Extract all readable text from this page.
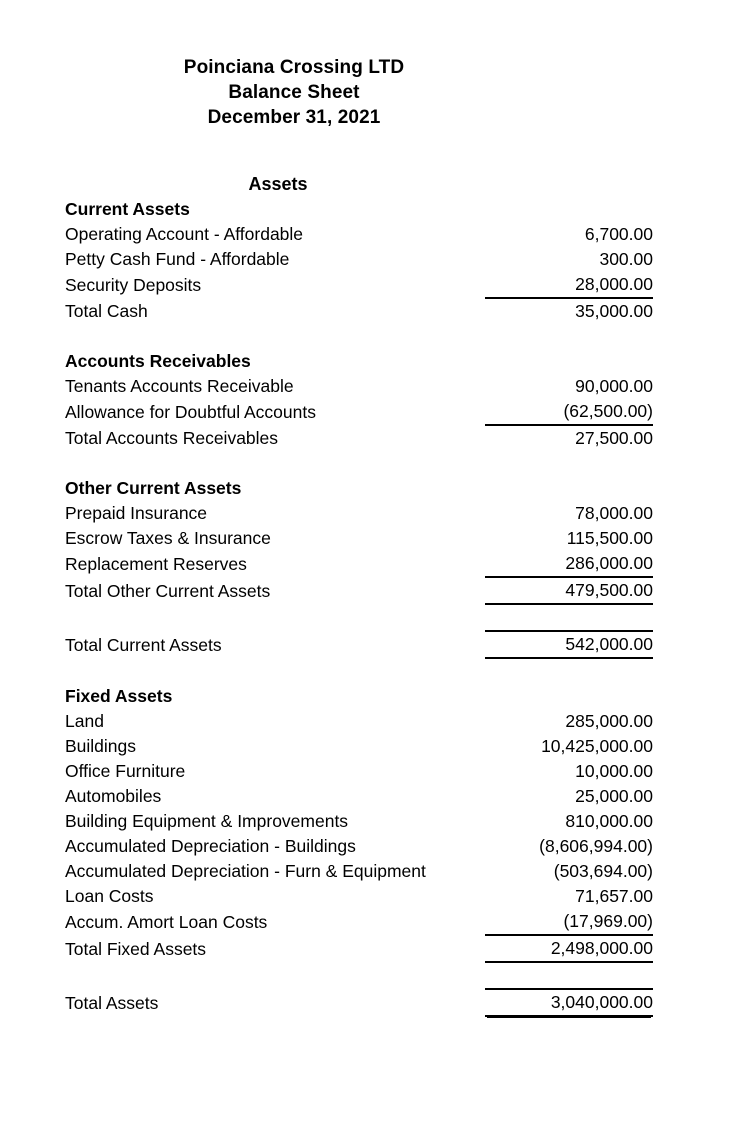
Poinciana Crossing LTD
Balance Sheet
December 31, 2021
Assets
Current Assets	
Operating Account - Affordable	6,700.00
Petty Cash Fund - Affordable	300.00
Security Deposits	28,000.00
Total Cash	35,000.00

Accounts Receivables	
Tenants Accounts Receivable	90,000.00
Allowance for Doubtful Accounts	(62,500.00)
Total Accounts Receivables	27,500.00

Other Current Assets	
Prepaid Insurance	78,000.00
Escrow Taxes & Insurance	115,500.00
Replacement Reserves	286,000.00
Total Other Current Assets	479,500.00

Total Current Assets	542,000.00

Fixed Assets	
Land	285,000.00
Buildings	10,425,000.00
Office Furniture	10,000.00
Automobiles	25,000.00
Building Equipment & Improvements	810,000.00
Accumulated Depreciation - Buildings	(8,606,994.00)
Accumulated Depreciation - Furn & Equipment	(503,694.00)
Loan Costs	71,657.00
Accum. Amort Loan Costs	(17,969.00)
Total Fixed Assets	2,498,000.00

Total Assets	3,040,000.00
